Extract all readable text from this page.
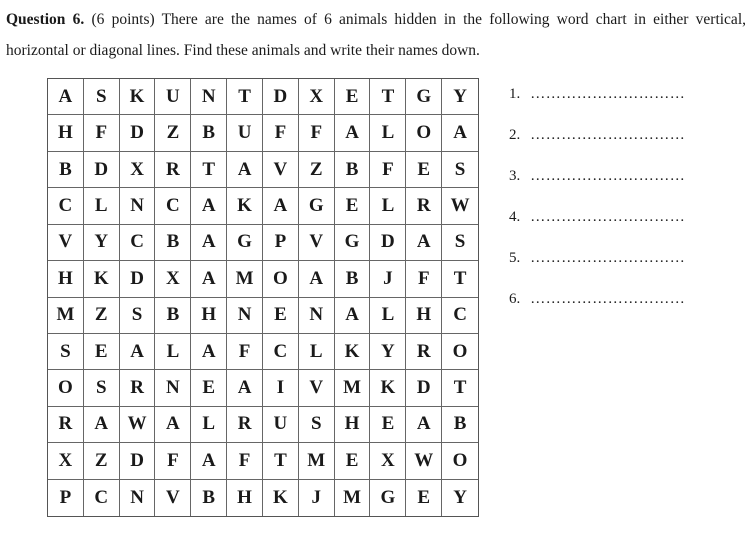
Question 6. (6 points) There are the names of 6 animals hidden in the following word chart in either vertical, horizontal or diagonal lines. Find these animals and write their names down.
A	S	K	U	N	T	D	X	E	T	G	Y
H	F	D	Z	B	U	F	F	A	L	O	A
B	D	X	R	T	A	V	Z	B	F	E	S
C	L	N	C	A	K	A	G	E	L	R	W
V	Y	C	B	A	G	P	V	G	D	A	S
H	K	D	X	A	M	O	A	B	J	F	T
M	Z	S	B	H	N	E	N	A	L	H	C
S	E	A	L	A	F	C	L	K	Y	R	O
O	S	R	N	E	A	I	V	M	K	D	T
R	A	W	A	L	R	U	S	H	E	A	B
X	Z	D	F	A	F	T	M	E	X	W	O
P	C	N	V	B	H	K	J	M	G	E	Y
1. …………………………
2. …………………………
3. …………………………
4. …………………………
5. …………………………
6. …………………………
